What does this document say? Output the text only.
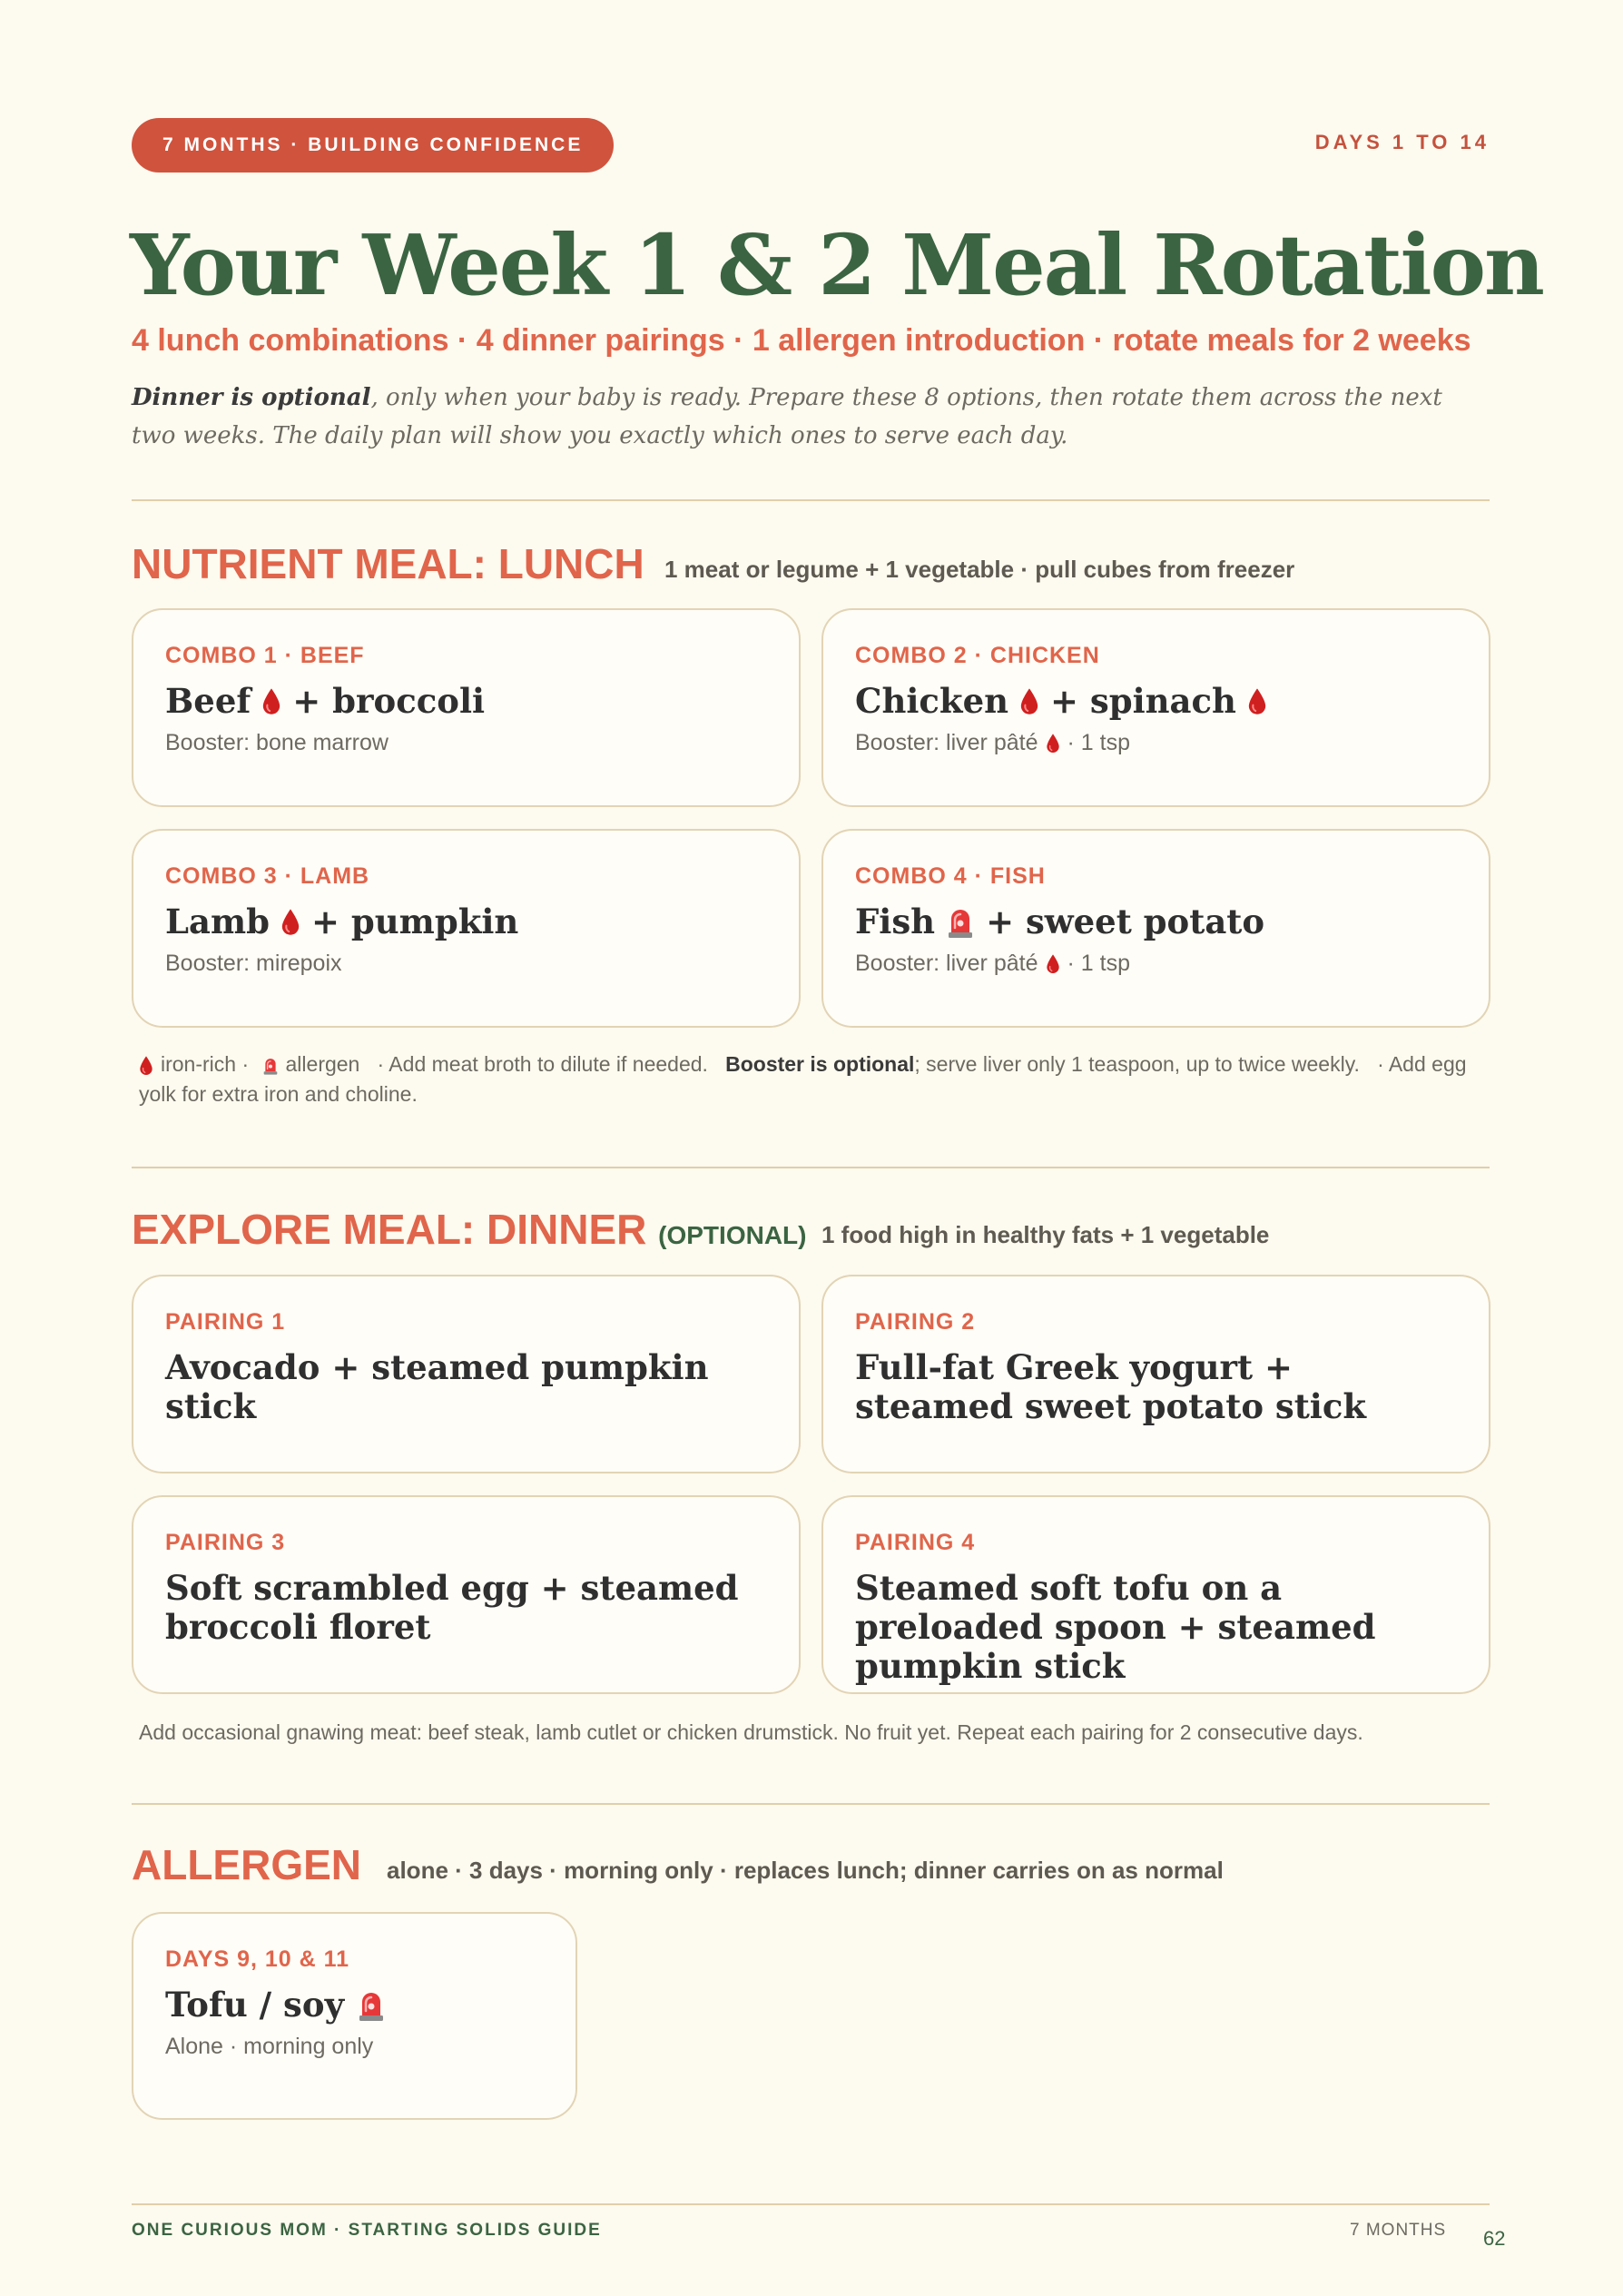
7 MONTHS · BUILDING CONFIDENCE	DAYS 1 TO 14
Your Week 1 & 2 Meal Rotation
4 lunch combinations · 4 dinner pairings · 1 allergen introduction · rotate meals for 2 weeks
Dinner is optional, only when your baby is ready. Prepare these 8 options, then rotate them across the next two weeks. The daily plan will show you exactly which ones to serve each day.
NUTRIENT MEAL: LUNCH 1 meat or legume + 1 vegetable · pull cubes from freezer
COMBO 1 · BEEF
Beef + broccoli
Booster: bone marrow
COMBO 2 · CHICKEN
Chicken + spinach
Booster: liver pâté · 1 tsp
COMBO 3 · LAMB
Lamb + pumpkin
Booster: mirepoix
COMBO 4 · FISH
Fish + sweet potato
Booster: liver pâté · 1 tsp
iron-rich · allergen · Add meat broth to dilute if needed. Booster is optional; serve liver only 1 teaspoon, up to twice weekly. · Add egg yolk for extra iron and choline.
EXPLORE MEAL: DINNER (OPTIONAL) 1 food high in healthy fats + 1 vegetable
PAIRING 1
Avocado + steamed pumpkin stick
PAIRING 2
Full-fat Greek yogurt + steamed sweet potato stick
PAIRING 3
Soft scrambled egg + steamed broccoli floret
PAIRING 4
Steamed soft tofu on a preloaded spoon + steamed pumpkin stick
Add occasional gnawing meat: beef steak, lamb cutlet or chicken drumstick. No fruit yet. Repeat each pairing for 2 consecutive days.
ALLERGEN alone · 3 days · morning only · replaces lunch; dinner carries on as normal
DAYS 9, 10 & 11
Tofu / soy
Alone · morning only
ONE CURIOUS MOM · STARTING SOLIDS GUIDE	7 MONTHS 62
